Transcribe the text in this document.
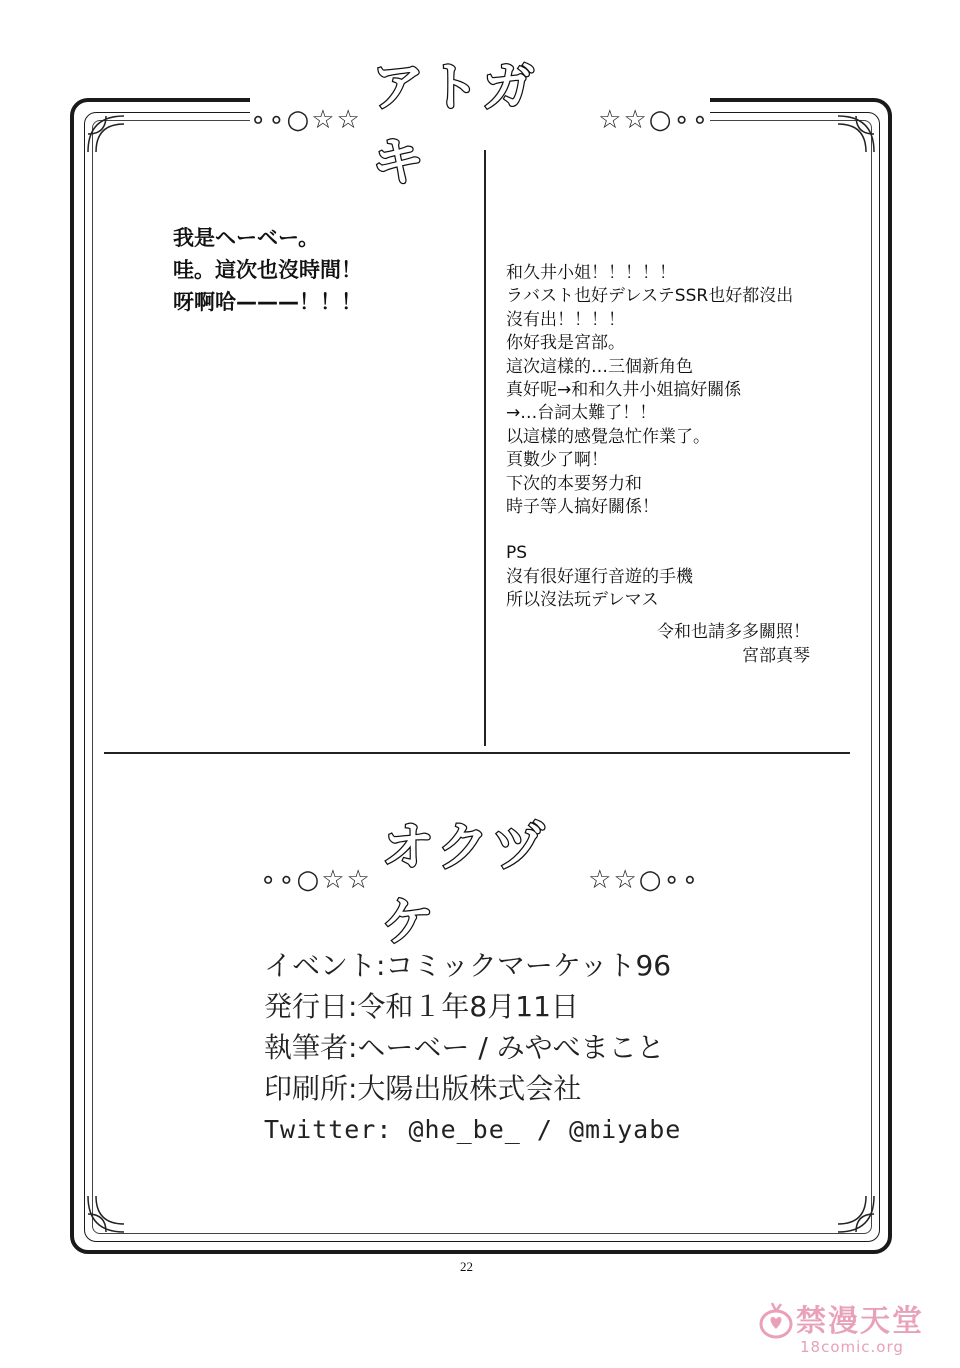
∘∘○☆☆
アトガキ
☆☆○∘∘
我是ヘーベー。
哇。這次也沒時間！
呀啊哈———！！！
和久井小姐！！！！！
ラバスト也好デレステSSR也好都沒出
沒有出！！！！
你好我是宮部。
這次這樣的…三個新角色
真好呢→和和久井小姐搞好關係
→…台詞太難了！！
以這樣的感覺急忙作業了。
頁數少了啊！
下次的本要努力和
時子等人搞好關係！
PS
沒有很好運行音遊的手機
所以沒法玩デレマス
令和也請多多關照！
宮部真琴
∘∘○☆☆
オクヅケ
☆☆○∘∘
イベント:コミックマーケット96
発行日:令和１年8月11日
執筆者:ヘーベー / みやべまこと
印刷所:大陽出版株式会社
Twitter: @he_be_ / @miyabe
22
禁漫天堂
18comic.org
